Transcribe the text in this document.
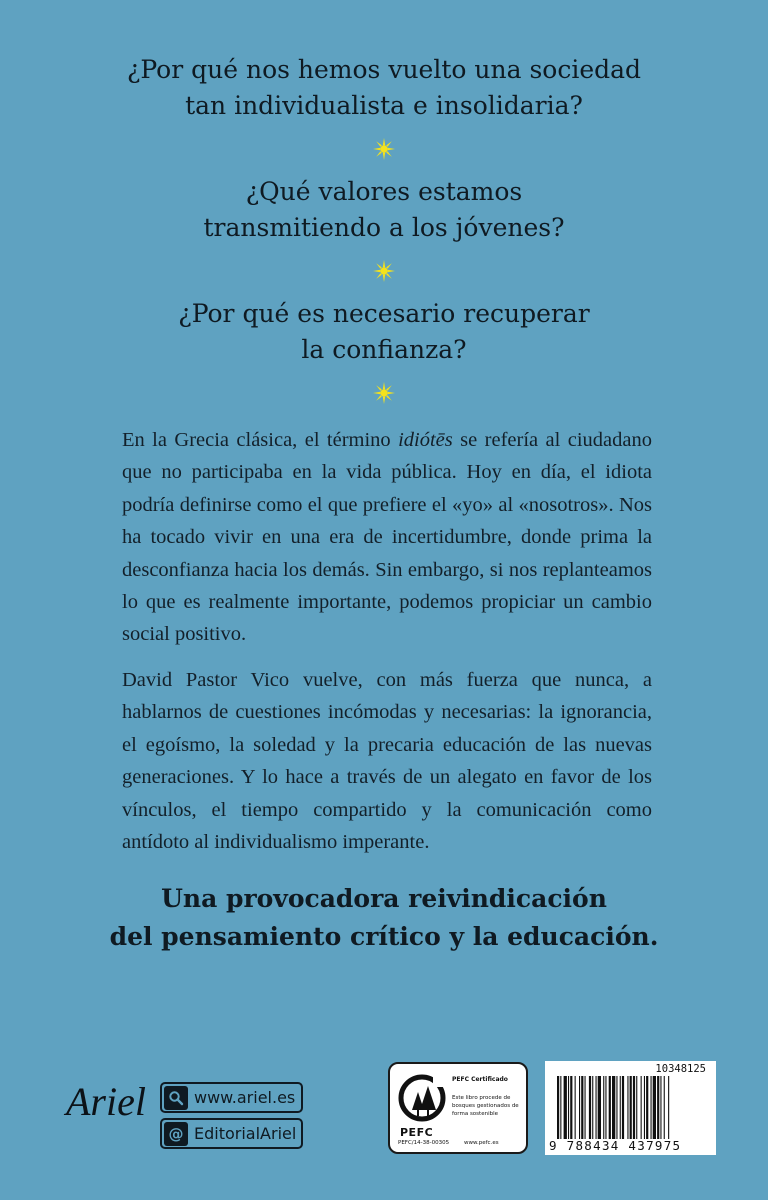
¿Por qué nos hemos vuelto una sociedad
tan individualista e insolidaria?
¿Qué valores estamos
transmitiendo a los jóvenes?
¿Por qué es necesario recuperar
la confianza?

En la Grecia clásica, el término idiótēs se refería al ciudadano que no participaba en la vida pública. Hoy en día, el idiota podría definirse como el que prefiere el «yo» al «nosotros». Nos ha tocado vivir en una era de incertidumbre, donde prima la desconfianza hacia los demás. Sin embargo, si nos replanteamos lo que es realmente importante, podemos propiciar un cambio social positivo.

David Pastor Vico vuelve, con más fuerza que nunca, a hablarnos de cuestiones incómodas y necesarias: la ignorancia, el egoísmo, la soledad y la precaria educación de las nuevas generaciones. Y lo hace a través de un alegato en favor de los vínculos, el tiempo compartido y la comunicación como antídoto al individualismo imperante.

Una provocadora reivindicación
del pensamiento crítico y la educación.
Ariel	www.ariel.es
@ EditorialAriel	PEFC
PEFC/14-38-00305
PEFC Certificado
Este libro procede de bosques gestionados de forma sostenible
www.pefc.es
10348125
9 788434 437975
